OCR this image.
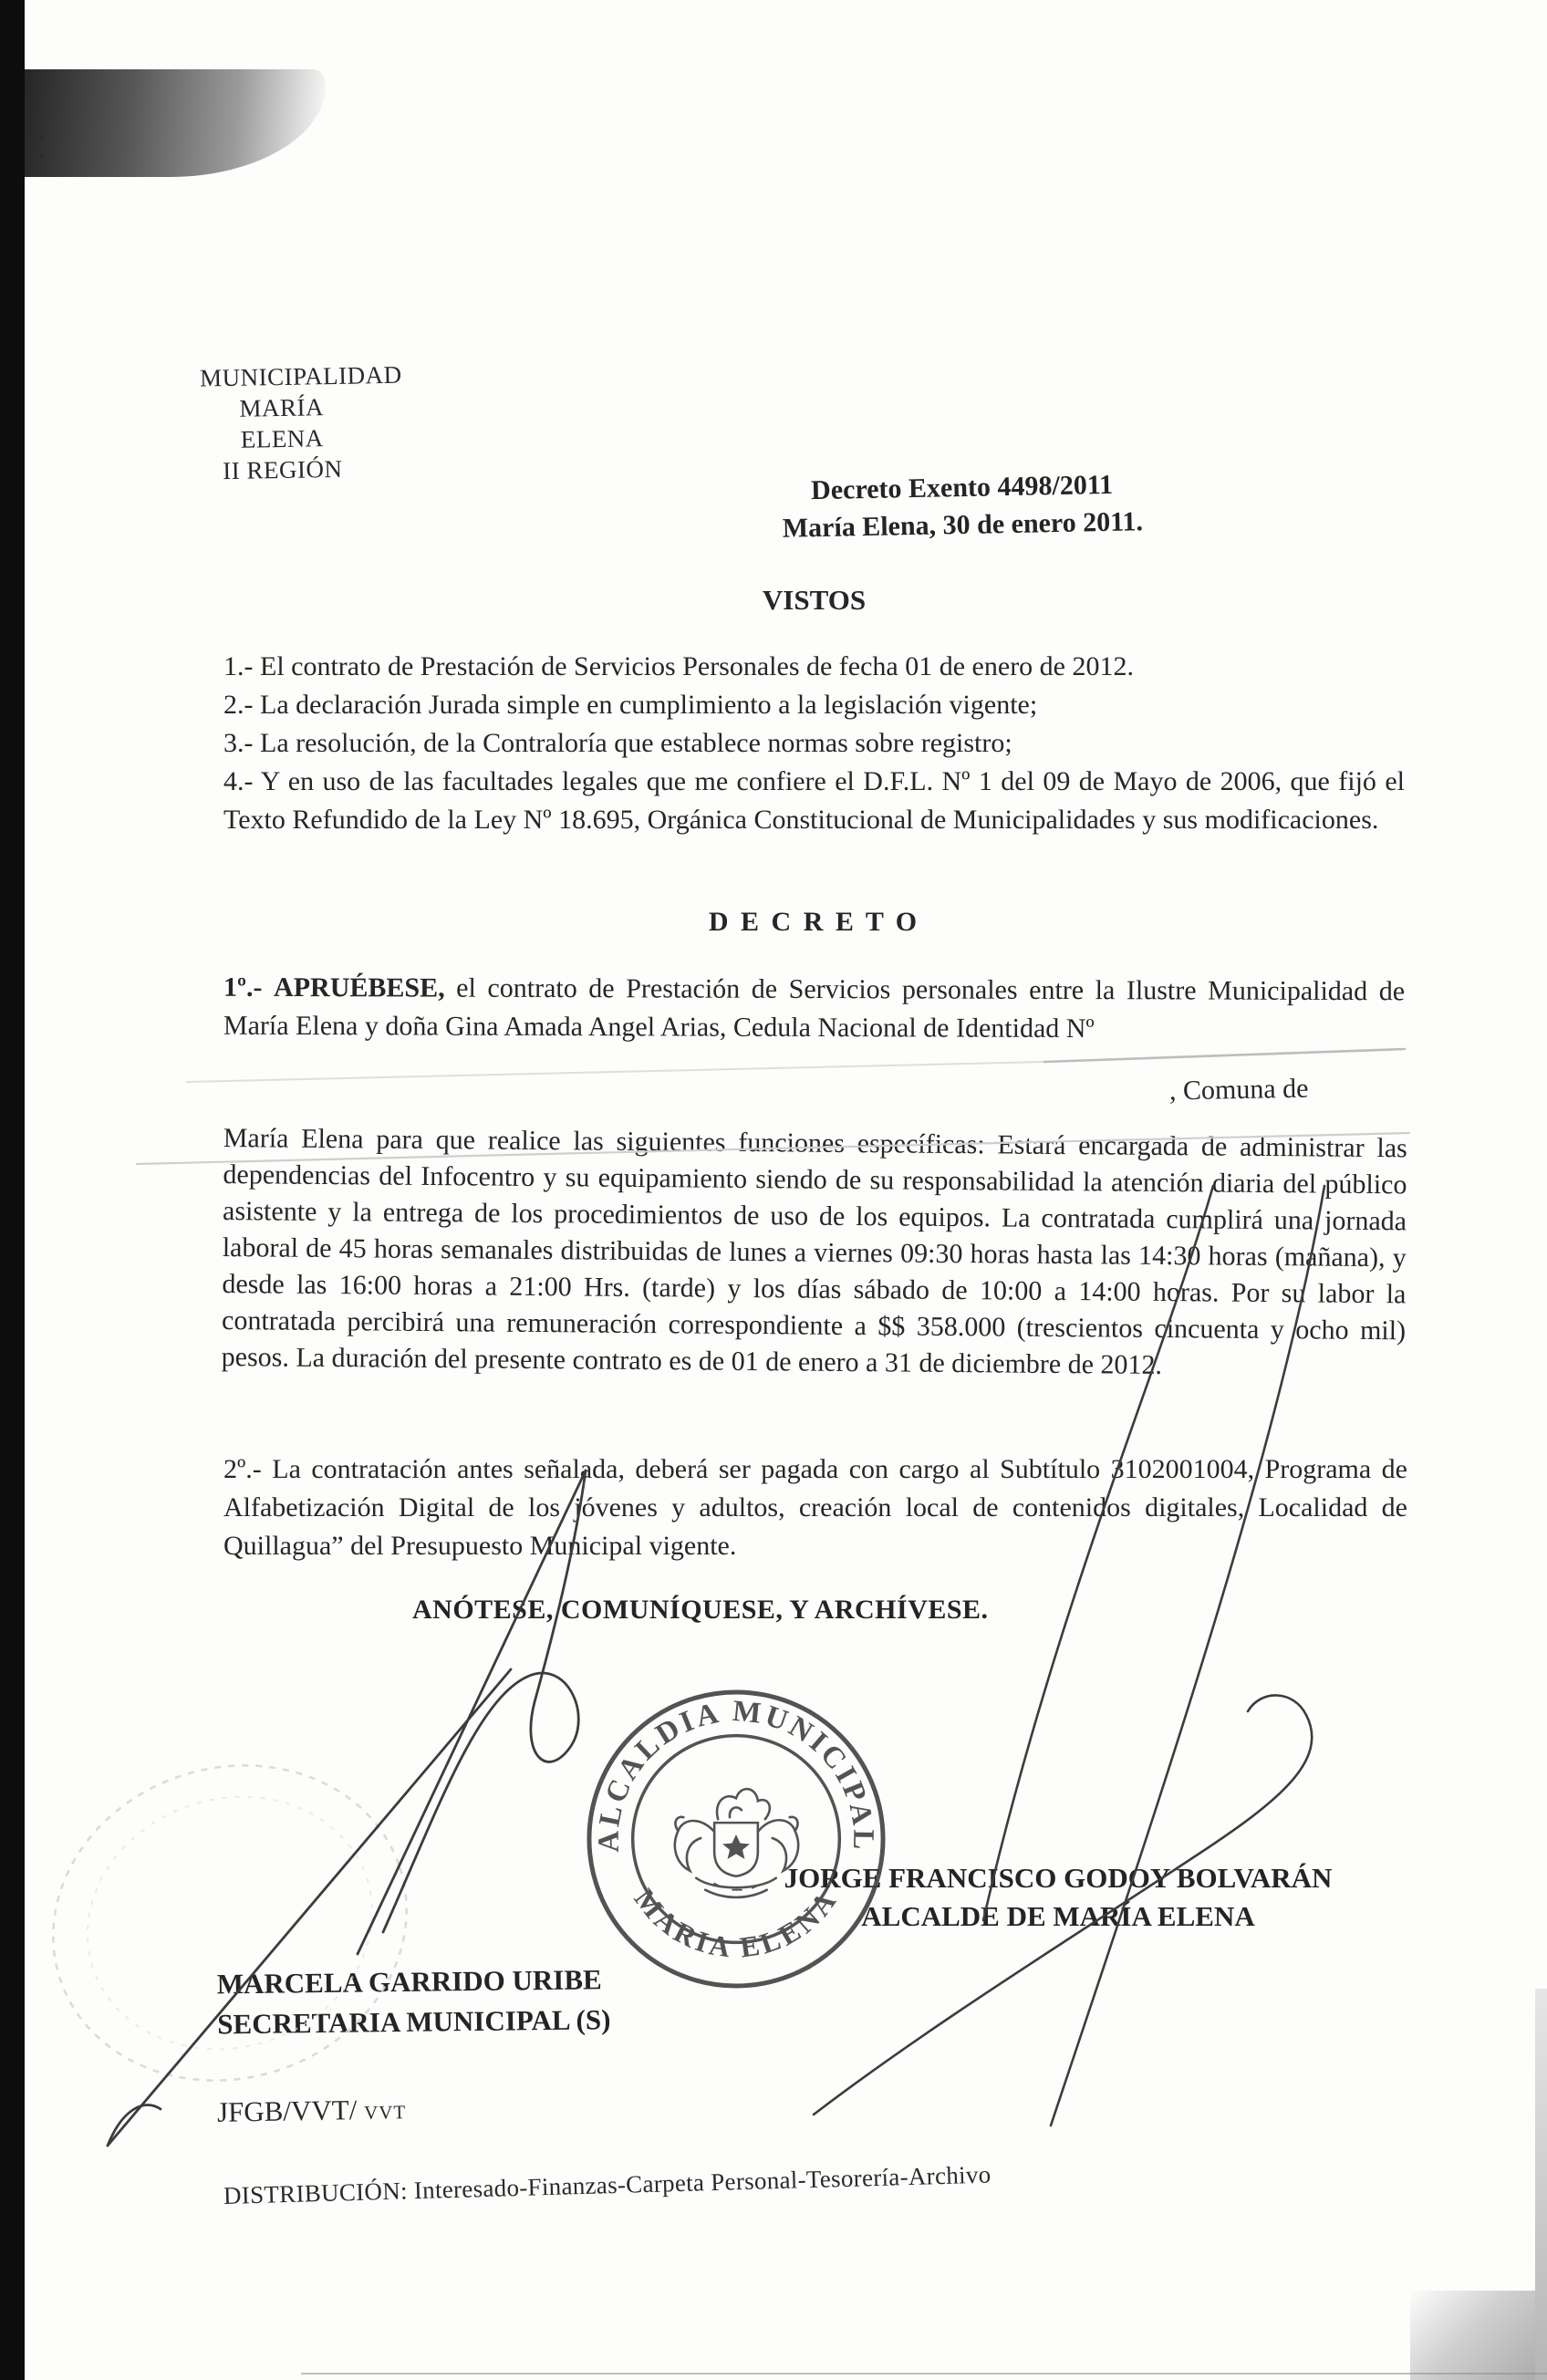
MUNICIPALIDAD
MARÍA ELENA
II REGIÓN	Decreto Exento 4498/2011
María Elena, 30 de enero 2011.
VISTOS
1.- El contrato de Prestación de Servicios Personales de fecha 01 de enero de 2012.
2.- La declaración Jurada simple en cumplimiento a la legislación vigente;
3.- La resolución, de la Contraloría que establece normas sobre registro;
4.- Y en uso de las facultades legales que me confiere el D.F.L. Nº 1 del 09 de Mayo de 2006, que fijó el Texto Refundido de la Ley Nº 18.695, Orgánica Constitucional de Municipalidades y sus modificaciones.
D E C R E T O
1º.- APRUÉBESE, el contrato de Prestación de Servicios personales entre la Ilustre Municipalidad de María Elena y doña Gina Amada Angel Arias, Cedula Nacional de Identidad Nº
, Comuna de
María Elena para que realice las siguientes funciones específicas: Estará encargada de administrar las dependencias del Infocentro y su equipamiento siendo de su responsabilidad la atención diaria del público asistente y la entrega de los procedimientos de uso de los equipos. La contratada cumplirá una jornada laboral de 45 horas semanales distribuidas de lunes a viernes 09:30 horas hasta las 14:30 horas (mañana), y desde las 16:00 horas a 21:00 Hrs. (tarde) y los días sábado de 10:00 a 14:00 horas. Por su labor la contratada percibirá una remuneración correspondiente a $$ 358.000 (trescientos cincuenta y ocho mil) pesos. La duración del presente contrato es de 01 de enero a 31 de diciembre de 2012.
2º.- La contratación antes señalada, deberá ser pagada con cargo al Subtítulo 3102001004, Programa de Alfabetización Digital de los jóvenes y adultos, creación local de contenidos digitales, Localidad de Quillagua” del Presupuesto Municipal vigente.
ANÓTESE, COMUNÍQUESE, Y ARCHÍVESE.
ALCALDIA MUNICIPAL
MARIA ELENA
JORGE FRANCISCO GODOY BOLVARÁN
ALCALDE DE MARÍA ELENA
MARCELA GARRIDO URIBE
SECRETARIA MUNICIPAL (S)
JFGB/VVT/ VVT
DISTRIBUCIÓN: Interesado-Finanzas-Carpeta Personal-Tesorería-Archivo
